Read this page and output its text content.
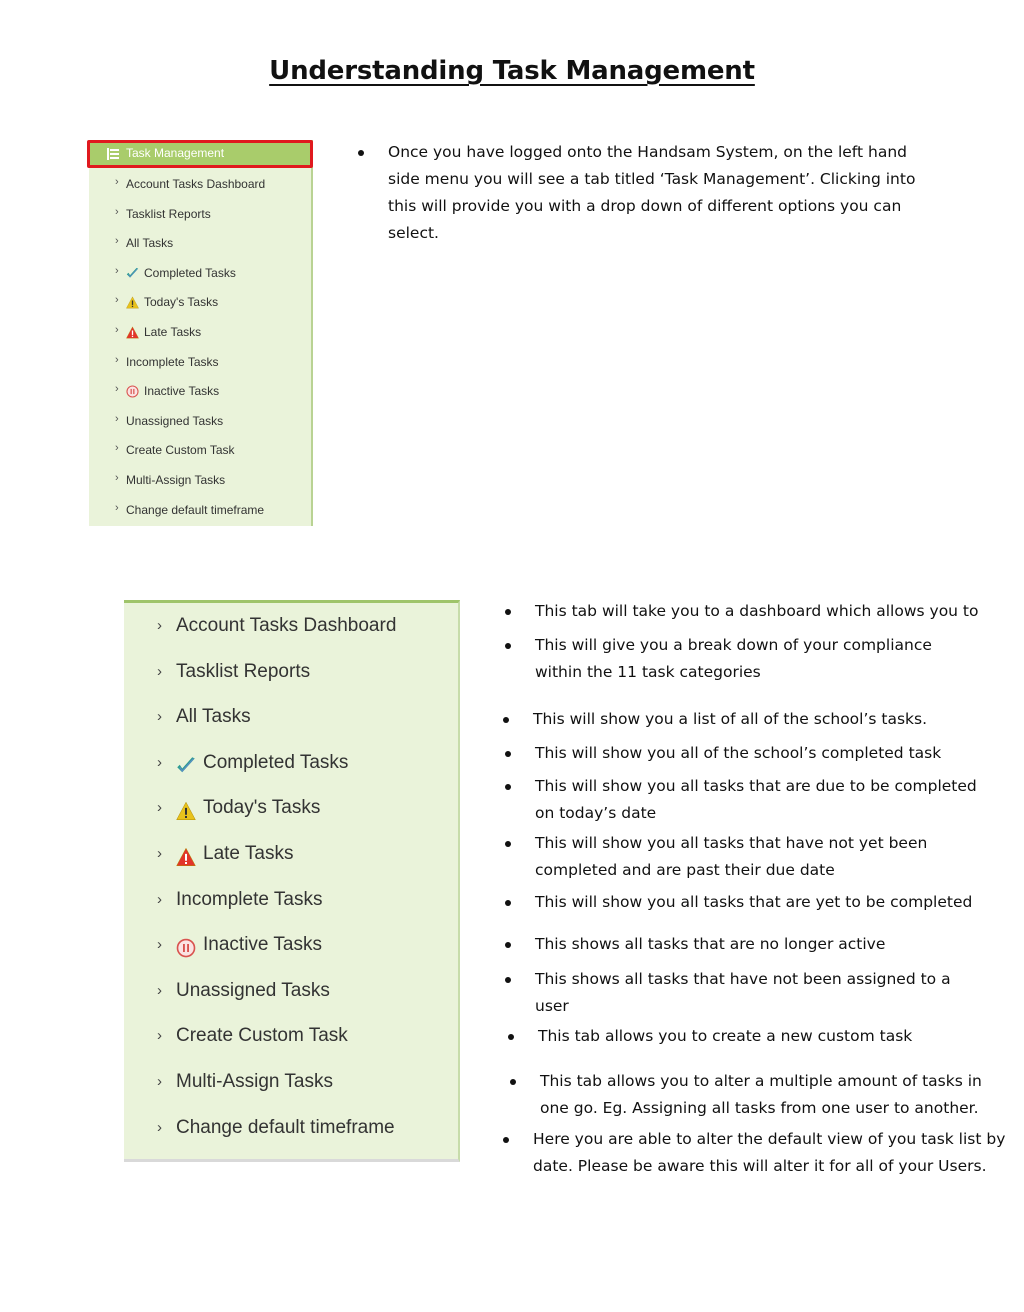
Understanding Task Management
Task Management
› Account Tasks Dashboard
› Tasklist Reports
› All Tasks
› Completed Tasks
› Today's Tasks
› Late Tasks
› Incomplete Tasks
› Inactive Tasks
› Unassigned Tasks
› Create Custom Task
› Multi-Assign Tasks
› Change default timeframe
Once you have logged onto the Handsam System, on the left hand
side menu you will see a tab titled ‘Task Management’. Clicking into
this will provide you with a drop down of different options you can
select.
› Account Tasks Dashboard
› Tasklist Reports
› All Tasks
› Completed Tasks
› Today's Tasks
› Late Tasks
› Incomplete Tasks
› Inactive Tasks
› Unassigned Tasks
› Create Custom Task
› Multi-Assign Tasks
› Change default timeframe
This tab will take you to a dashboard which allows you to
This will give you a break down of your compliance
within the 11 task categories
This will show you a list of all of the school’s tasks.
This will show you all of the school’s completed task
This will show you all tasks that are due to be completed
on today’s date
This will show you all tasks that have not yet been
completed and are past their due date
This will show you all tasks that are yet to be completed
This shows all tasks that are no longer active
This shows all tasks that have not been assigned to a
user
This tab allows you to create a new custom task
This tab allows you to alter a multiple amount of tasks in
one go. Eg. Assigning all tasks from one user to another.
Here you are able to alter the default view of you task list by
date. Please be aware this will alter it for all of your Users.
